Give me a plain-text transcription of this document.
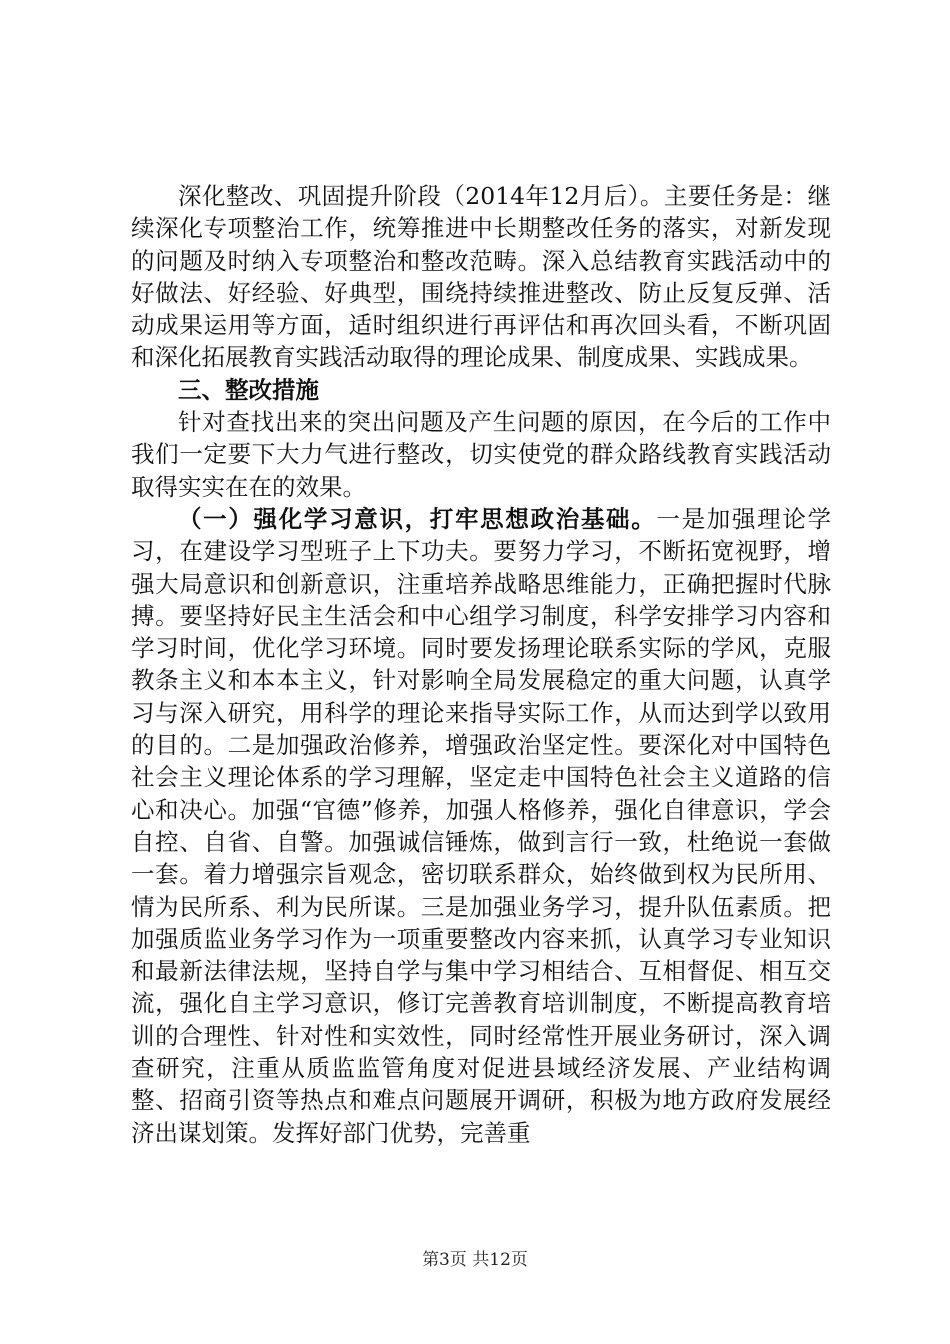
深化整改、巩固提升阶段（2014年12月后）。主要任务是：继续深化专项整治工作，统筹推进中长期整改任务的落实，对新发现的问题及时纳入专项整治和整改范畴。深入总结教育实践活动中的好做法、好经验、好典型，围绕持续推进整改、防止反复反弹、活动成果运用等方面，适时组织进行再评估和再次回头看，不断巩固和深化拓展教育实践活动取得的理论成果、制度成果、实践成果。

三、整改措施

针对查找出来的突出问题及产生问题的原因，在今后的工作中我们一定要下大力气进行整改，切实使党的群众路线教育实践活动取得实实在在的效果。

（一）强化学习意识，打牢思想政治基础。一是加强理论学习，在建设学习型班子上下功夫。要努力学习，不断拓宽视野，增强大局意识和创新意识，注重培养战略思维能力，正确把握时代脉搏。要坚持好民主生活会和中心组学习制度，科学安排学习内容和学习时间，优化学习环境。同时要发扬理论联系实际的学风，克服教条主义和本本主义，针对影响全局发展稳定的重大问题，认真学习与深入研究，用科学的理论来指导实际工作，从而达到学以致用的目的。二是加强政治修养，增强政治坚定性。要深化对中国特色社会主义理论体系的学习理解，坚定走中国特色社会主义道路的信心和决心。加强“官德”修养，加强人格修养，强化自律意识，学会自控、自省、自警。加强诚信锤炼，做到言行一致，杜绝说一套做一套。着力增强宗旨观念，密切联系群众，始终做到权为民所用、情为民所系、利为民所谋。三是加强业务学习，提升队伍素质。把加强质监业务学习作为一项重要整改内容来抓，认真学习专业知识和最新法律法规，坚持自学与集中学习相结合、互相督促、相互交流，强化自主学习意识，修订完善教育培训制度，不断提高教育培训的合理性、针对性和实效性，同时经常性开展业务研讨，深入调查研究，注重从质监监管角度对促进县域经济发展、产业结构调整、招商引资等热点和难点问题展开调研，积极为地方政府发展经济出谋划策。发挥好部门优势，完善重

第3页 共12页
